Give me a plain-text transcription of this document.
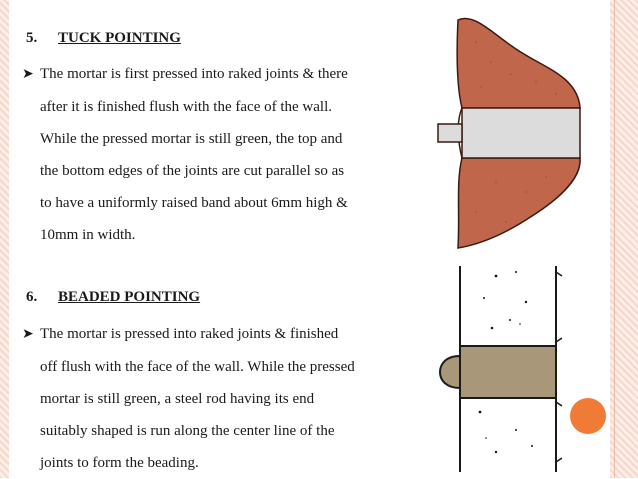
5. TUCK POINTING
➤ The mortar is first pressed into raked joints & there
after it is finished flush with the face of the wall.
While the pressed mortar is still green, the top and
the bottom edges of the joints are cut parallel so as
to have a uniformly raised band about 6mm high &
10mm in width.
6. BEADED POINTING
➤ The mortar is pressed into raked joints & finished
off flush with the face of the wall. While the pressed
mortar is still green, a steel rod having its end
suitably shaped is run along the center line of the
joints to form the beading.
